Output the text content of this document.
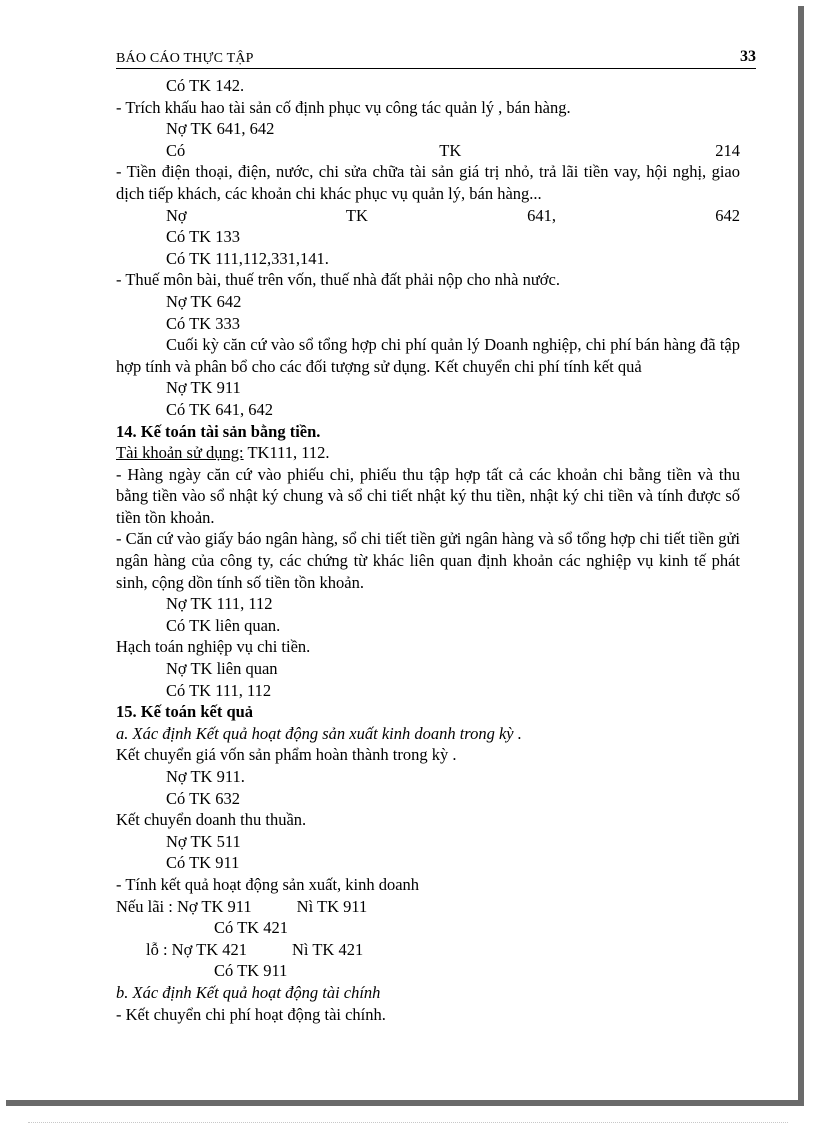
BÁO CÁO THỰC TẬP	33
Có TK 142.
- Trích khấu hao tài sản cố định phục vụ công tác quản lý , bán hàng.
Nợ TK 641, 642
Có	TK	214
- Tiền điện thoại, điện, nước, chi sửa chữa tài sản giá trị nhỏ, trả lãi tiền vay, hội nghị, giao dịch tiếp khách, các khoản chi khác phục vụ quản lý, bán hàng...
Nợ	TK	641,	642
Có TK 133
Có TK 111,112,331,141.
- Thuế môn bài, thuế trên vốn, thuế nhà đất phải nộp cho nhà nước.
Nợ TK 642
Có TK 333
Cuối kỳ căn cứ vào sổ tổng hợp chi phí quản lý Doanh nghiệp, chi phí bán hàng đã tập hợp tính và phân bổ cho các đối tượng sử dụng. Kết chuyển chi phí tính kết quả
Nợ TK 911
Có TK 641, 642
14. Kế toán tài sản bằng tiền.
Tài khoản sử dụng: TK111, 112.
- Hàng ngày căn cứ vào phiếu chi, phiếu thu tập hợp tất cả các khoản chi bằng tiền và thu bằng tiền vào sổ nhật ký chung và sổ chi tiết nhật ký thu tiền, nhật ký chi tiền và tính được số tiền tồn khoản.
- Căn cứ vào giấy báo ngân hàng, sổ chi tiết tiền gửi ngân hàng và sổ tổng hợp chi tiết tiền gửi ngân hàng của công ty, các chứng từ khác liên quan định khoản các nghiệp vụ kinh tế phát sinh, cộng dồn tính số tiền tồn khoản.
Nợ TK 111, 112
Có TK liên quan.
Hạch toán nghiệp vụ chi tiền.
Nợ TK liên quan
Có TK 111, 112
15. Kế toán kết quả
a. Xác định Kết quả hoạt động sản xuất kinh doanh trong kỳ .
Kết chuyển giá vốn sản phẩm hoàn thành trong kỳ .
Nợ TK 911.
Có TK 632
Kết chuyển doanh thu thuần.
Nợ TK 511
Có TK 911
- Tính kết quả hoạt động sản xuất, kinh doanh
Nếu lãi : Nợ TK 911	Nì TK 911
Có TK 421
lỗ : Nợ TK 421	Nì TK 421
Có TK 911
b. Xác định Kết quả hoạt động tài chính
- Kết chuyển chi phí hoạt động tài chính.
